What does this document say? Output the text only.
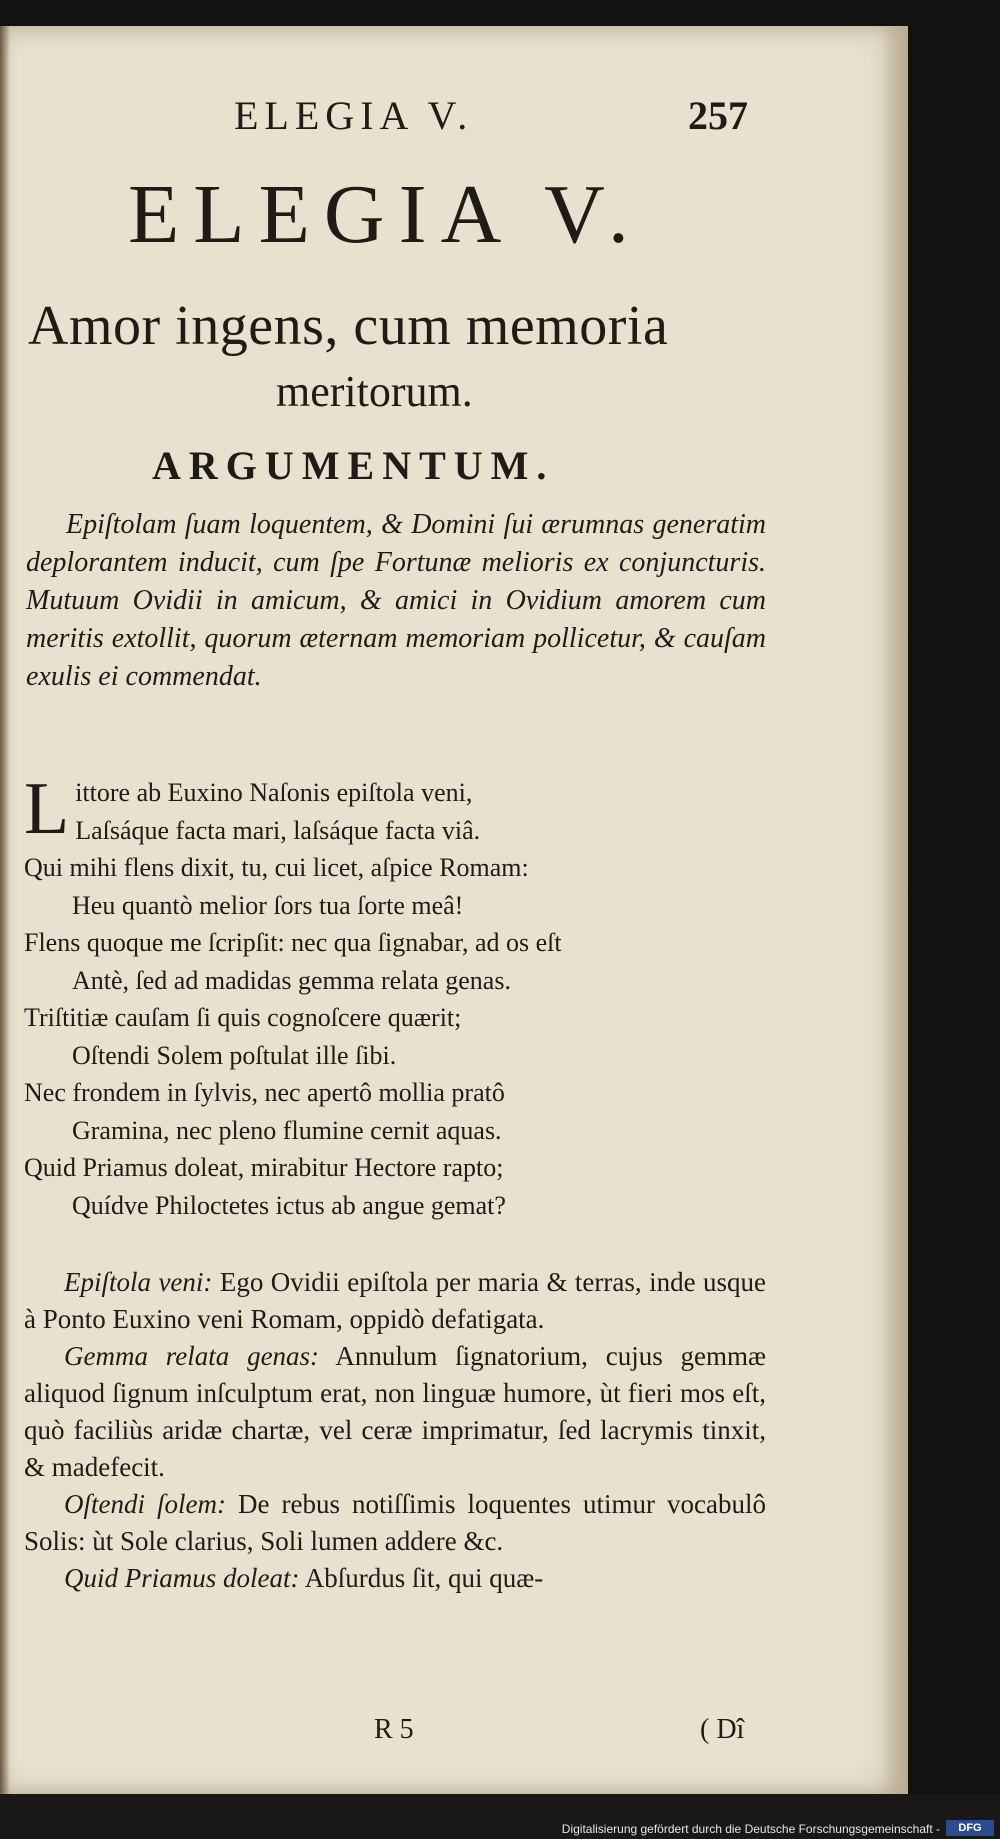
ELEGIA V.	257
ELEGIA V.
Amor ingens, cum memoria
meritorum.
ARGUMENTUM.
Epiſtolam ſuam loquentem, & Domini ſui ærumnas generatim deplorantem inducit, cum ſpe Fortunæ melioris ex conjuncturis. Mutuum Ovidii in amicum, & amici in Ovidium amorem cum meritis extollit, quorum æternam memoriam pollicetur, & cauſam exulis ei commendat.
L ittore ab Euxino Naſonis epiſtola veni,
Laſsáque facta mari, laſsáque facta viâ.
Qui mihi flens dixit, tu, cui licet, aſpice Romam:
Heu quantò melior ſors tua ſorte meâ!
Flens quoque me ſcripſit: nec qua ſignabar, ad os eſt
Antè, ſed ad madidas gemma relata genas.
Triſtitiæ cauſam ſi quis cognoſcere quærit;
Oſtendi Solem poſtulat ille ſibi.
Nec frondem in ſylvis, nec apertô mollia pratô
Gramina, nec pleno flumine cernit aquas.
Quid Priamus doleat, mirabitur Hectore rapto;
Quídve Philoctetes ictus ab angue gemat?

Epiſtola veni: Ego Ovidii epiſtola per maria & terras, inde usque à Ponto Euxino veni Romam, oppidò defatigata.

Gemma relata genas: Annulum ſignatorium, cujus gemmæ aliquod ſignum inſculptum erat, non linguæ humore, ùt fieri mos eſt, quò faciliùs aridæ chartæ, vel ceræ imprimatur, ſed lacrymis tinxit, & madefecit.

Oſtendi ſolem: De rebus notiſſimis loquentes utimur vocabulô Solis: ùt Sole clarius, Soli lumen addere &c.

Quid Priamus doleat: Abſurdus ſit, qui quæ-

R 5	( Dî
Digitalisierung gefördert durch die Deutsche Forschungsgemeinschaft -	DFG
